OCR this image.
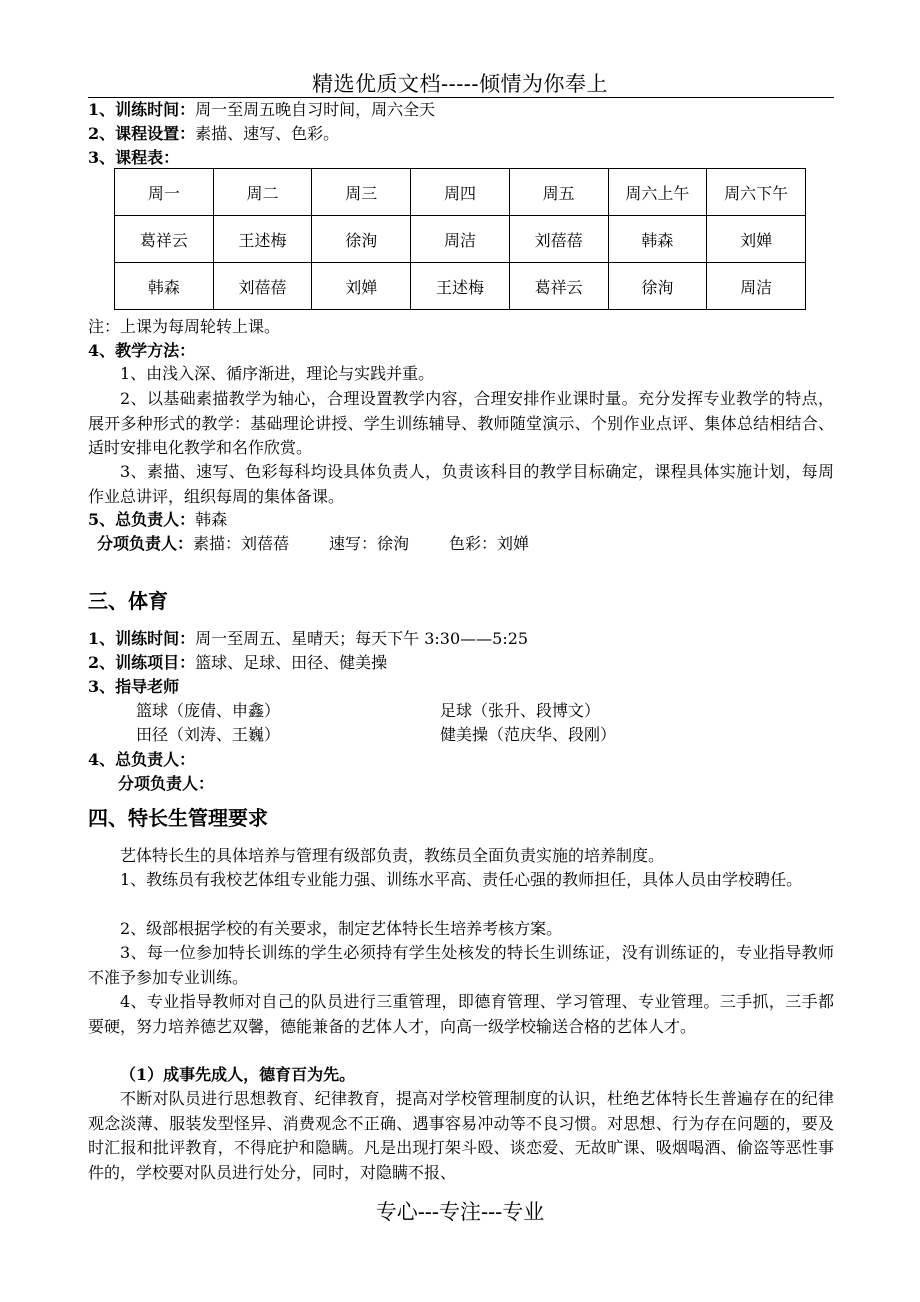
精选优质文档-----倾情为你奉上
1、训练时间：周一至周五晚自习时间，周六全天
2、课程设置：素描、速写、色彩。
3、课程表：
周一	周二	周三	周四	周五	周六上午	周六下午
葛祥云	王述梅	徐洵	周洁	刘蓓蓓	韩森	刘婵
韩森	刘蓓蓓	刘婵	王述梅	葛祥云	徐洵	周洁
注：上课为每周轮转上课。
4、教学方法：
1、由浅入深、循序渐进，理论与实践并重。
2、以基础素描教学为轴心，合理设置教学内容，合理安排作业课时量。充分发挥专业教学的特点，展开多种形式的教学：基础理论讲授、学生训练辅导、教师随堂演示、个别作业点评、集体总结相结合、适时安排电化教学和名作欣赏。
3、素描、速写、色彩每科均设具体负责人，负责该科目的教学目标确定，课程具体实施计划，每周作业总讲评，组织每周的集体备课。
5、总负责人：韩森
分项负责人：素描：刘蓓蓓	速写：徐洵	色彩：刘婵
三、体育
1、训练时间：周一至周五、星晴天；每天下午 3:30——5:25
2、训练项目：篮球、足球、田径、健美操
3、指导老师
篮球（庞倩、申鑫）	足球（张升、段博文）
田径（刘涛、王巍）	健美操（范庆华、段刚）
4、总负责人：
分项负责人：
四、特长生管理要求
艺体特长生的具体培养与管理有级部负责，教练员全面负责实施的培养制度。
1、教练员有我校艺体组专业能力强、训练水平高、责任心强的教师担任，具体人员由学校聘任。
2、级部根据学校的有关要求，制定艺体特长生培养考核方案。
3、每一位参加特长训练的学生必须持有学生处核发的特长生训练证，没有训练证的，专业指导教师不准予参加专业训练。
4、专业指导教师对自己的队员进行三重管理，即德育管理、学习管理、专业管理。三手抓，三手都要硬，努力培养德艺双馨，德能兼备的艺体人才，向高一级学校输送合格的艺体人才。
（1）成事先成人，德育百为先。
不断对队员进行思想教育、纪律教育，提高对学校管理制度的认识，杜绝艺体特长生普遍存在的纪律观念淡薄、服装发型怪异、消费观念不正确、遇事容易冲动等不良习惯。对思想、行为存在问题的，要及时汇报和批评教育，不得庇护和隐瞒。凡是出现打架斗殴、谈恋爱、无故旷课、吸烟喝酒、偷盗等恶性事件的，学校要对队员进行处分，同时，对隐瞒不报、
专心---专注---专业
